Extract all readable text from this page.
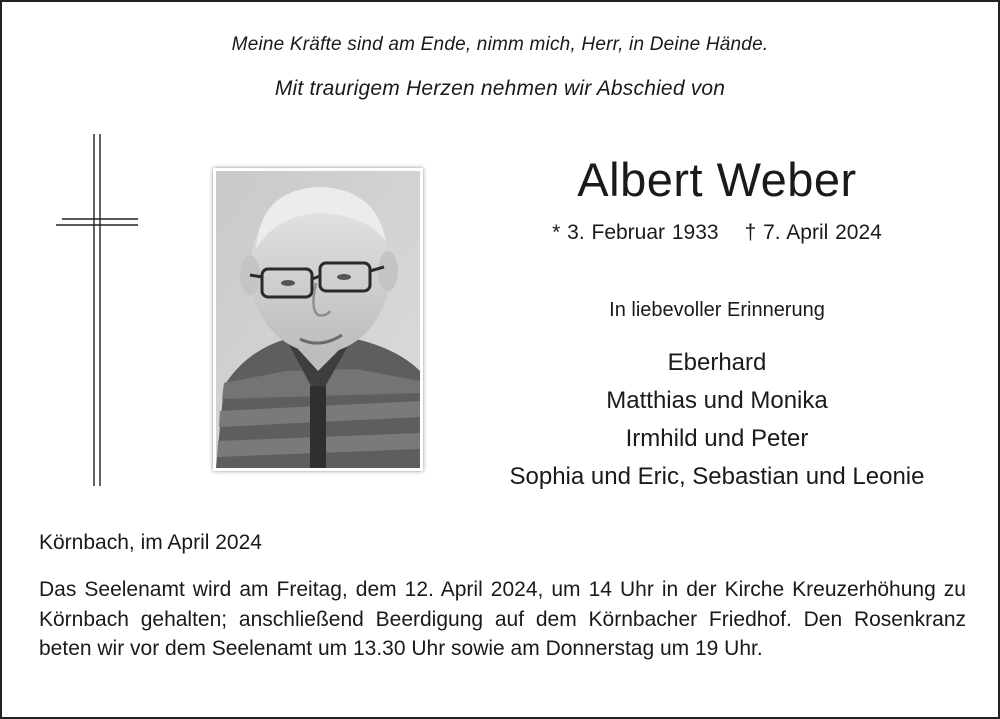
Meine Kräfte sind am Ende, nimm mich, Herr, in Deine Hände.
Mit traurigem Herzen nehmen wir Abschied von
Albert Weber
* 3. Februar 1933 † 7. April 2024
In liebevoller Erinnerung
Eberhard
Matthias und Monika
Irmhild und Peter
Sophia und Eric, Sebastian und Leonie
Körnbach, im April 2024

Das Seelenamt wird am Freitag, dem 12. April 2024, um 14 Uhr in der Kirche Kreuzerhöhung zu Körnbach gehalten; anschließend Beerdigung auf dem Körnbacher Friedhof. Den Rosenkranz beten wir vor dem Seelenamt um 13.30 Uhr sowie am Donnerstag um 19 Uhr.
